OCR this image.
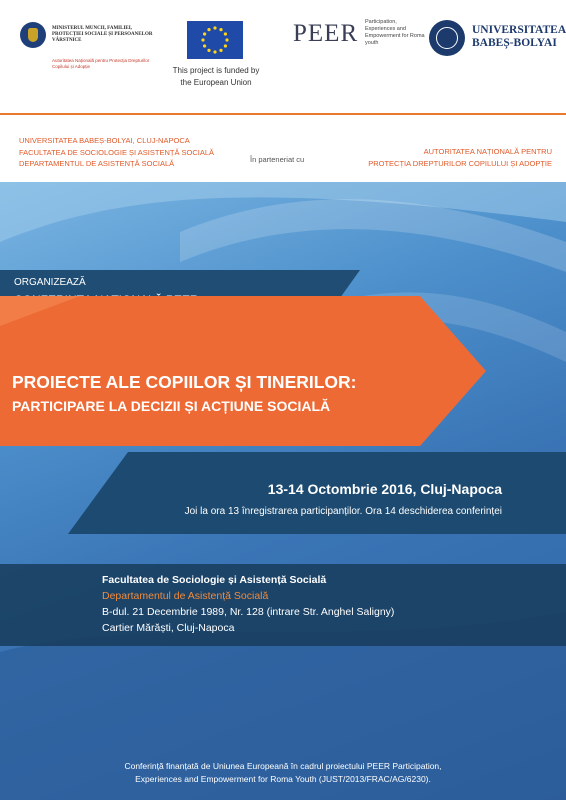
MINISTERUL MUNCII, FAMILIEI, PROTECȚIEI SOCIALE ȘI PERSOANELOR VÂRSTNICE
Autoritatea Națională pentru Protecția Drepturilor Copilului și Adopție	This project is funded by the European Union
PEER Participation, Experiences and Empowerment for Roma youth
UNIVERSITATEA BABEȘ-BOLYAI
UNIVERSITATEA BABEȘ-BOLYAI, CLUJ-NAPOCA
FACULTATEA DE SOCIOLOGIE ȘI ASISTENȚĂ SOCIALĂ
DEPARTAMENTUL DE ASISTENȚĂ SOCIALĂ	În parteneriat cu
AUTORITATEA NAȚIONALĂ PENTRU
PROTECȚIA DREPTURILOR COPILULUI ȘI ADOPȚIE
ORGANIZEAZĂ
PROIECTE ALE COPIILOR ȘI TINERILOR:
PARTICIPARE LA DECIZII ȘI ACȚIUNE SOCIALĂ
13-14 Octombrie 2016, Cluj-Napoca
Joi la ora 13 înregistrarea participanților. Ora 14 deschiderea conferinței
Facultatea de Sociologie și Asistență Socială
Departamentul de Asistență Socială
B-dul. 21 Decembrie 1989, Nr. 128 (intrare Str. Anghel Saligny)
Cartier Mărăști, Cluj-Napoca
Conferință finanțată de Uniunea Europeană în cadrul proiectului PEER Participation,
Experiences and Empowerment for Roma Youth (JUST/2013/FRAC/AG/6230).
